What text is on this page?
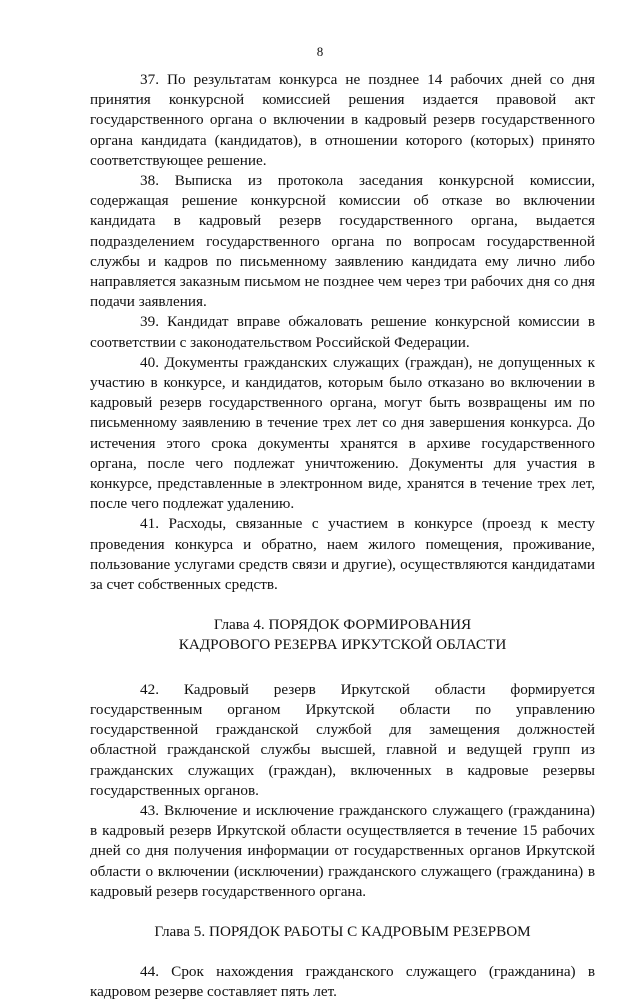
8

37. По результатам конкурса не позднее 14 рабочих дней со дня принятия конкурсной комиссией решения издается правовой акт государственного органа о включении в кадровый резерв государственного органа кандидата (кандидатов), в отношении которого (которых) принято соответствующее решение.

38. Выписка из протокола заседания конкурсной комиссии, содержащая решение конкурсной комиссии об отказе во включении кандидата в кадровый резерв государственного органа, выдается подразделением государственного органа по вопросам государственной службы и кадров по письменному заявлению кандидата ему лично либо направляется заказным письмом не позднее чем через три рабочих дня со дня подачи заявления.

39. Кандидат вправе обжаловать решение конкурсной комиссии в соответствии с законодательством Российской Федерации.

40. Документы гражданских служащих (граждан), не допущенных к участию в конкурсе, и кандидатов, которым было отказано во включении в кадровый резерв государственного органа, могут быть возвращены им по письменному заявлению в течение трех лет со дня завершения конкурса. До истечения этого срока документы хранятся в архиве государственного органа, после чего подлежат уничтожению. Документы для участия в конкурсе, представленные в электронном виде, хранятся в течение трех лет, после чего подлежат удалению.

41. Расходы, связанные с участием в конкурсе (проезд к месту проведения конкурса и обратно, наем жилого помещения, проживание, пользование услугами средств связи и другие), осуществляются кандидатами за счет собственных средств.

Глава 4. ПОРЯДОК ФОРМИРОВАНИЯ
КАДРОВОГО РЕЗЕРВА ИРКУТСКОЙ ОБЛАСТИ

42. Кадровый резерв Иркутской области формируется государственным органом Иркутской области по управлению государственной гражданской службой для замещения должностей областной гражданской службы высшей, главной и ведущей групп из гражданских служащих (граждан), включенных в кадровые резервы государственных органов.

43. Включение и исключение гражданского служащего (гражданина) в кадровый резерв Иркутской области осуществляется в течение 15 рабочих дней со дня получения информации от государственных органов Иркутской области о включении (исключении) гражданского служащего (гражданина) в кадровый резерв государственного органа.

Глава 5. ПОРЯДОК РАБОТЫ С КАДРОВЫМ РЕЗЕРВОМ

44. Срок нахождения гражданского служащего (гражданина) в кадровом резерве составляет пять лет.
